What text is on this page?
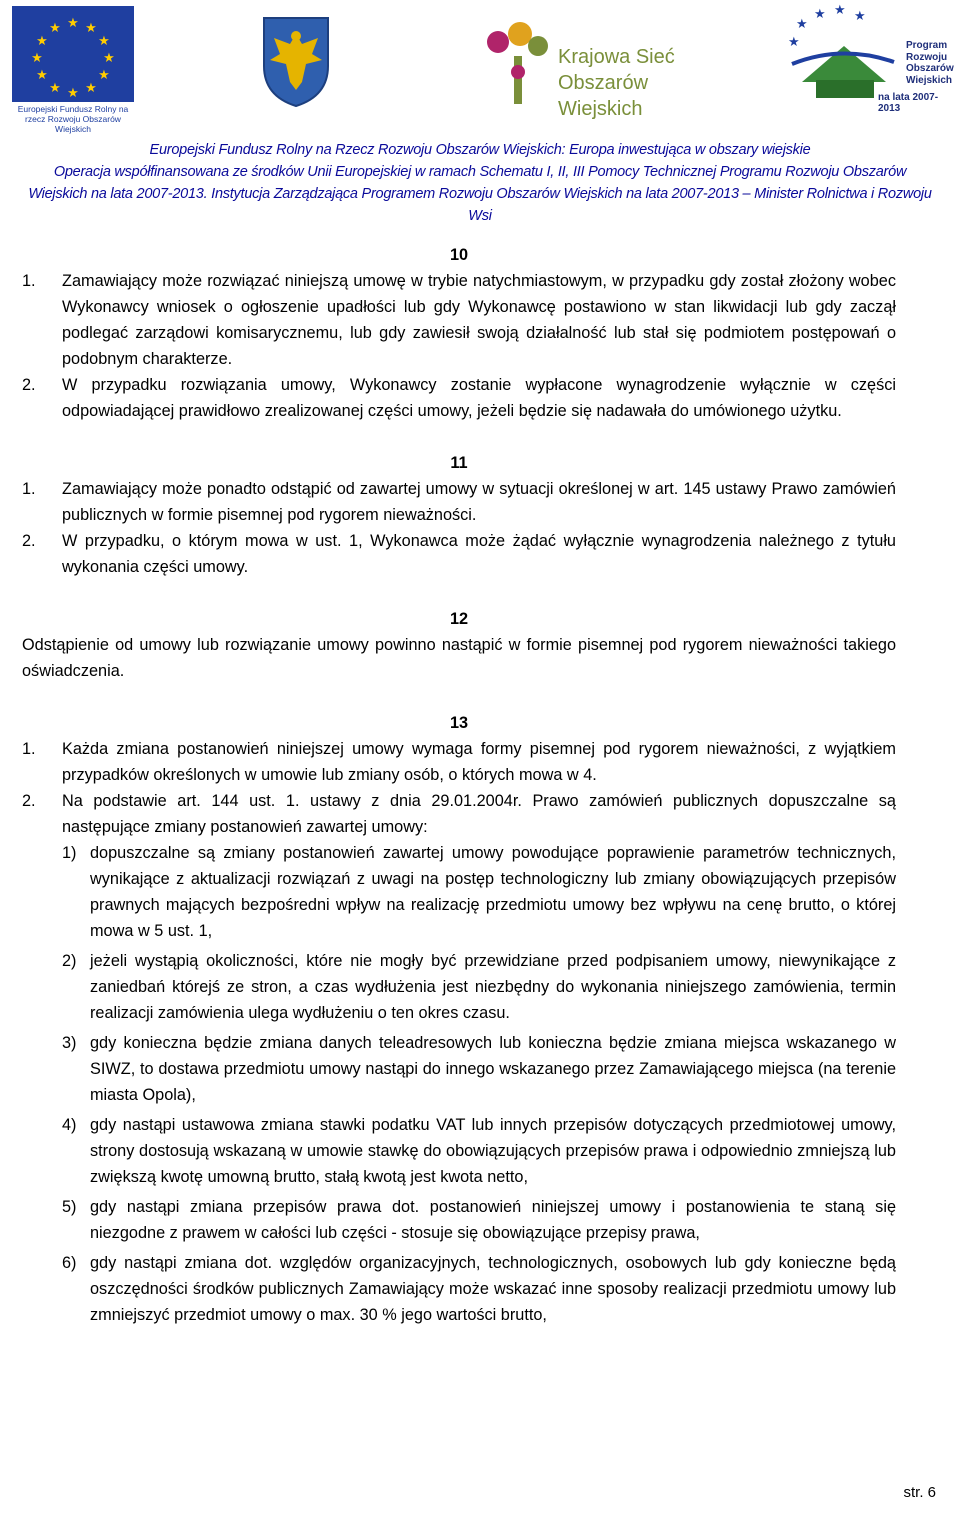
★ ★
★
★
★
★
★
★
★
★
★
★
Europejski Fundusz Rolny na rzecz Rozwoju Obszarów Wiejskich
Krajowa Sieć
Obszarów Wiejskich
★
★ ★ ★
★	Program
Rozwoju
Obszarów
Wiejskich
na lata 2007-2013
Europejski Fundusz Rolny na Rzecz Rozwoju Obszarów Wiejskich: Europa inwestująca w obszary wiejskie
Operacja współfinansowana ze środków Unii Europejskiej w ramach Schematu I, II, III Pomocy Technicznej Programu Rozwoju Obszarów Wiejskich na lata 2007-2013. Instytucja Zarządzająca Programem Rozwoju Obszarów Wiejskich na lata 2007-2013 – Minister Rolnictwa i Rozwoju Wsi
10
1. Zamawiający może rozwiązać niniejszą umowę w trybie natychmiastowym, w przypadku gdy został złożony wobec Wykonawcy wniosek o ogłoszenie upadłości lub gdy Wykonawcę postawiono w stan likwidacji lub gdy zaczął podlegać zarządowi komisarycznemu, lub gdy zawiesił swoją działalność lub stał się podmiotem postępowań o podobnym charakterze.
2. W przypadku rozwiązania umowy, Wykonawcy zostanie wypłacone wynagrodzenie wyłącznie w części odpowiadającej prawidłowo zrealizowanej części umowy, jeżeli będzie się nadawała do umówionego użytku.
11
1. Zamawiający może ponadto odstąpić od zawartej umowy w sytuacji określonej w art. 145 ustawy Prawo zamówień publicznych w formie pisemnej pod rygorem nieważności.
2. W przypadku, o którym mowa w ust. 1, Wykonawca może żądać wyłącznie wynagrodzenia należnego z tytułu wykonania części umowy.
12
Odstąpienie od umowy lub rozwiązanie umowy powinno nastąpić w formie pisemnej pod rygorem nieważności takiego oświadczenia.
13
1. Każda zmiana postanowień niniejszej umowy wymaga formy pisemnej pod rygorem nieważności, z wyjątkiem przypadków określonych w umowie lub zmiany osób, o których mowa w 4.
2. Na podstawie art. 144 ust. 1. ustawy z dnia 29.01.2004r. Prawo zamówień publicznych dopuszczalne są następujące zmiany postanowień zawartej umowy:
1) dopuszczalne są zmiany postanowień zawartej umowy powodujące poprawienie parametrów technicznych, wynikające z aktualizacji rozwiązań z uwagi na postęp technologiczny lub zmiany obowiązujących przepisów prawnych mających bezpośredni wpływ na realizację przedmiotu umowy bez wpływu na cenę brutto, o której mowa w 5 ust. 1,
2) jeżeli wystąpią okoliczności, które nie mogły być przewidziane przed podpisaniem umowy, niewynikające z zaniedbań którejś ze stron, a czas wydłużenia jest niezbędny do wykonania niniejszego zamówienia, termin realizacji zamówienia ulega wydłużeniu o ten okres czasu.
3) gdy konieczna będzie zmiana danych teleadresowych lub konieczna będzie zmiana miejsca wskazanego w SIWZ, to dostawa przedmiotu umowy nastąpi do innego wskazanego przez Zamawiającego miejsca (na terenie miasta Opola),
4) gdy nastąpi ustawowa zmiana stawki podatku VAT lub innych przepisów dotyczących przedmiotowej umowy, strony dostosują wskazaną w umowie stawkę do obowiązujących przepisów prawa i odpowiednio zmniejszą lub zwiększą kwotę umowną brutto, stałą kwotą jest kwota netto,
5) gdy nastąpi zmiana przepisów prawa dot. postanowień niniejszej umowy i postanowienia te staną się niezgodne z prawem w całości lub części - stosuje się obowiązujące przepisy prawa,
6) gdy nastąpi zmiana dot. względów organizacyjnych, technologicznych, osobowych lub gdy konieczne będą oszczędności środków publicznych Zamawiający może wskazać inne sposoby realizacji przedmiotu umowy lub zmniejszyć przedmiot umowy o max. 30 % jego wartości brutto,
str. 6
